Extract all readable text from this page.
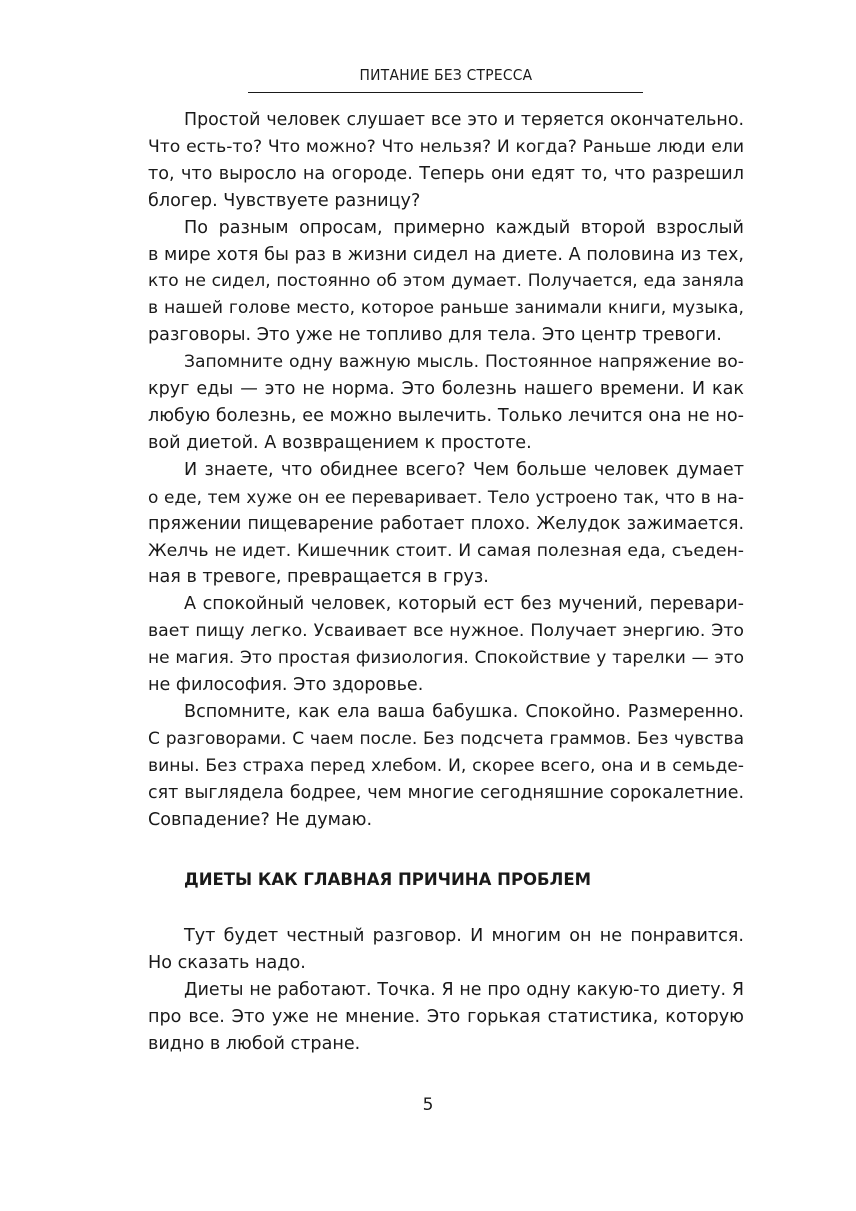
ПИТАНИЕ БЕЗ СТРЕССА

Простой человек слушает все это и теряется окончательно.
Что есть-то? Что можно? Что нельзя? И когда? Раньше люди ели
то, что выросло на огороде. Теперь они едят то, что разрешил
блогер. Чувствуете разницу?

По разным опросам, примерно каждый второй взрослый
в мире хотя бы раз в жизни сидел на диете. А половина из тех,
кто не сидел, постоянно об этом думает. Получается, еда заняла
в нашей голове место, которое раньше занимали книги, музыка,
разговоры. Это уже не топливо для тела. Это центр тревоги.

Запомните одну важную мысль. Постоянное напряжение во-
круг еды — это не норма. Это болезнь нашего времени. И как
любую болезнь, ее можно вылечить. Только лечится она не но-
вой диетой. А возвращением к простоте.

И знаете, что обиднее всего? Чем больше человек думает
о еде, тем хуже он ее переваривает. Тело устроено так, что в на-
пряжении пищеварение работает плохо. Желудок зажимается.
Желчь не идет. Кишечник стоит. И самая полезная еда, съеден-
ная в тревоге, превращается в груз.

А спокойный человек, который ест без мучений, перевари-
вает пищу легко. Усваивает все нужное. Получает энергию. Это
не магия. Это простая физиология. Спокойствие у тарелки — это
не философия. Это здоровье.

Вспомните, как ела ваша бабушка. Спокойно. Размеренно.
С разговорами. С чаем после. Без подсчета граммов. Без чувства
вины. Без страха перед хлебом. И, скорее всего, она и в семьде-
сят выглядела бодрее, чем многие сегодняшние сорокалетние.
Совпадение? Не думаю.

ДИЕТЫ КАК ГЛАВНАЯ ПРИЧИНА ПРОБЛЕМ

Тут будет честный разговор. И многим он не понравится.
Но сказать надо.

Диеты не работают. Точка. Я не про одну какую-то диету. Я
про все. Это уже не мнение. Это горькая статистика, которую
видно в любой стране.

5
